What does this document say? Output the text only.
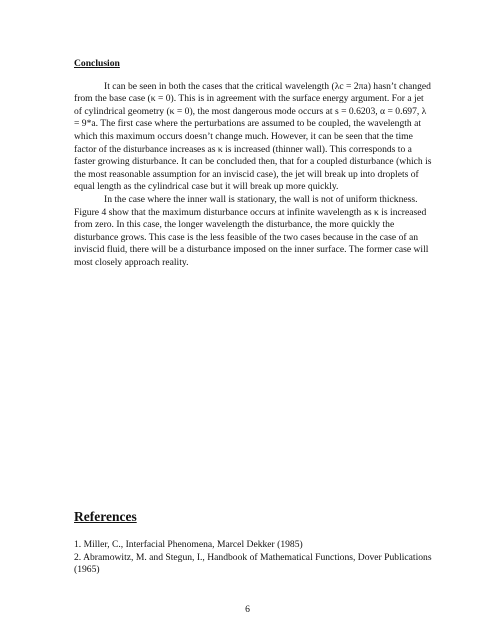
Conclusion

It can be seen in both the cases that the critical wavelength (λc = 2πa) hasn’t changed from the base case (κ = 0). This is in agreement with the surface energy argument. For a jet of cylindrical geometry (κ = 0), the most dangerous mode occurs at s = 0.6203, α = 0.697, λ = 9*a. The first case where the perturbations are assumed to be coupled, the wavelength at which this maximum occurs doesn’t change much. However, it can be seen that the time factor of the disturbance increases as κ is increased (thinner wall). This corresponds to a faster growing disturbance. It can be concluded then, that for a coupled disturbance (which is the most reasonable assumption for an inviscid case), the jet will break up into droplets of equal length as the cylindrical case but it will break up more quickly.

In the case where the inner wall is stationary, the wall is not of uniform thickness. Figure 4 show that the maximum disturbance occurs at infinite wavelength as κ is increased from zero. In this case, the longer wavelength the disturbance, the more quickly the disturbance grows. This case is the less feasible of the two cases because in the case of an inviscid fluid, there will be a disturbance imposed on the inner surface. The former case will most closely approach reality.

References
1. Miller, C., Interfacial Phenomena, Marcel Dekker (1985)
2. Abramowitz, M. and Stegun, I., Handbook of Mathematical Functions, Dover Publications (1965)
6
